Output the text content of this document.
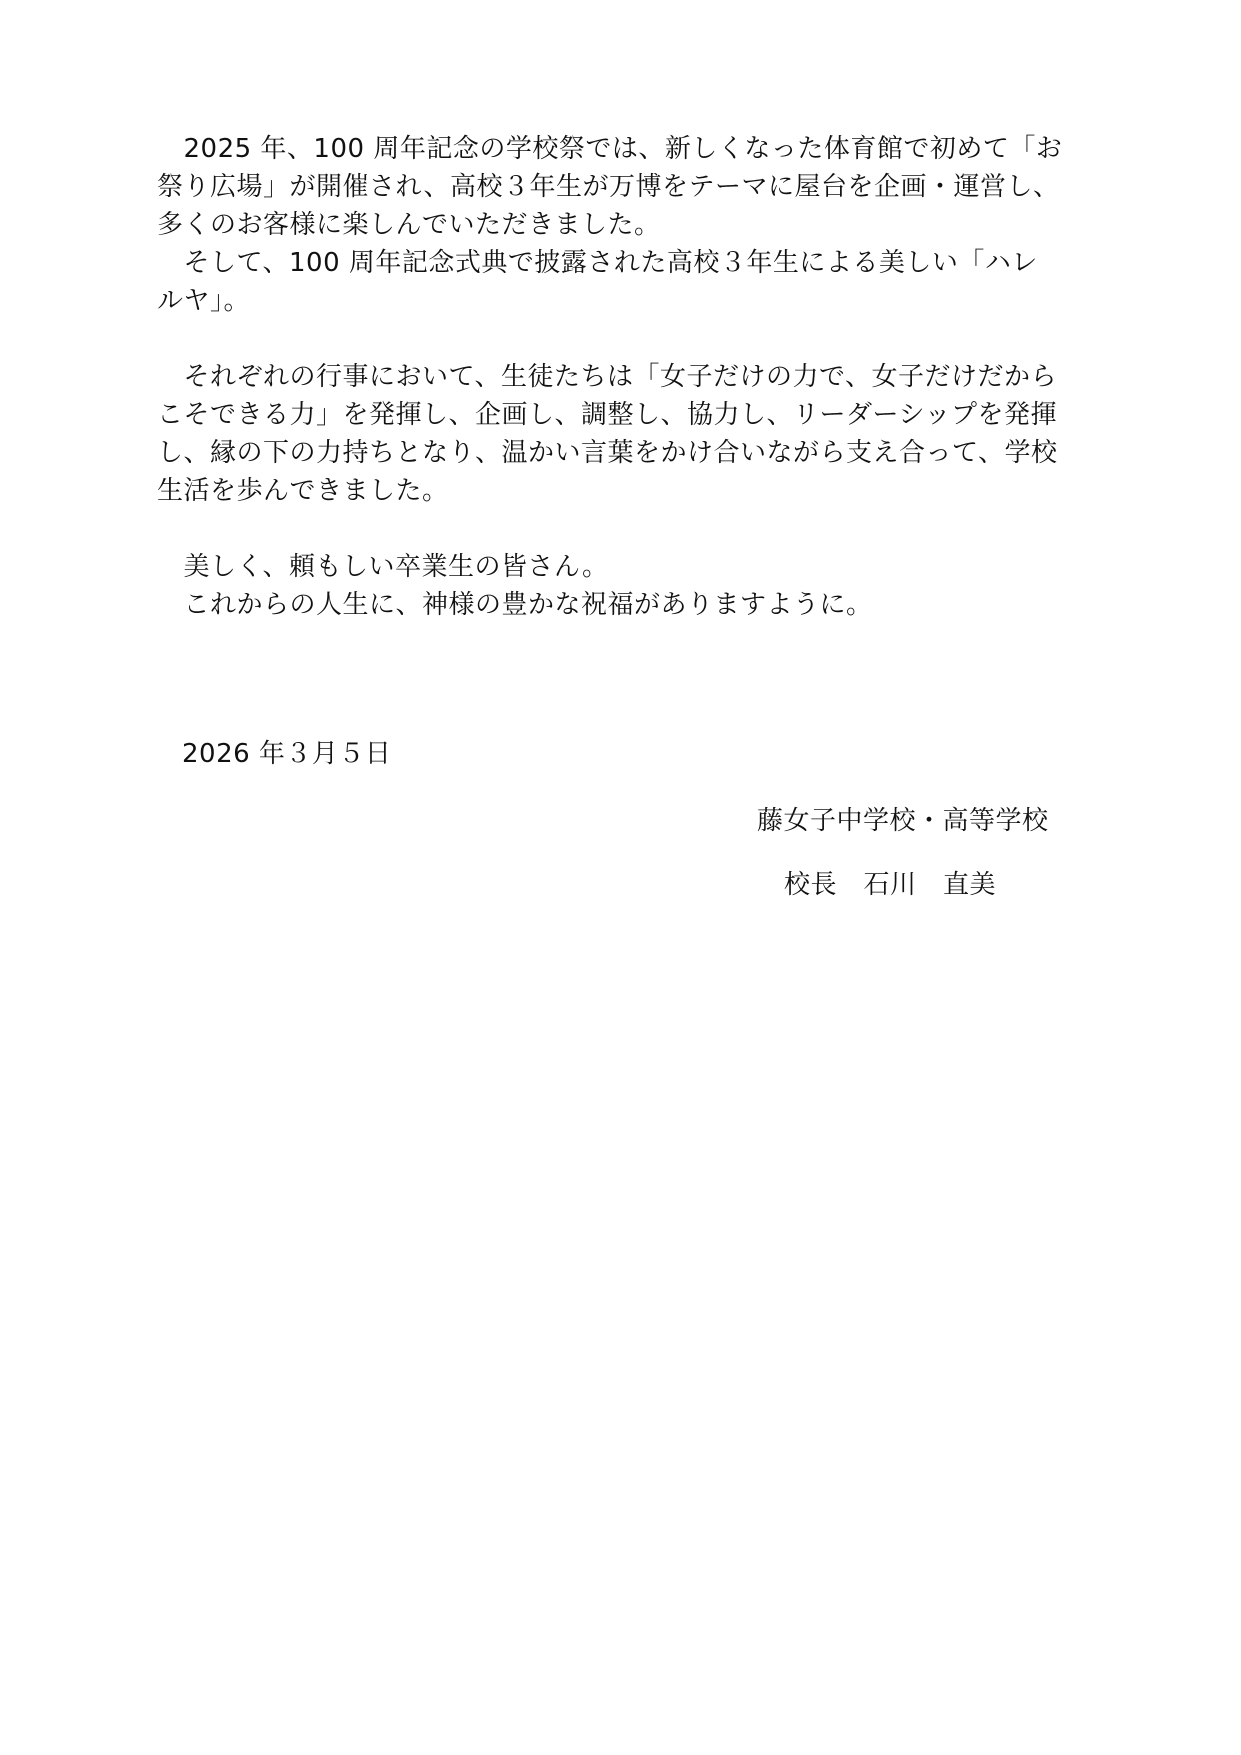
　2025 年、100 周年記念の学校祭では、新しくなった体育館で初めて「お
祭り広場」が開催され、高校３年生が万博をテーマに屋台を企画・運営し、
多くのお客様に楽しんでいただきました。
　そして、100 周年記念式典で披露された高校３年生による美しい「ハレ
ルヤ」。
　それぞれの行事において、生徒たちは「女子だけの力で、女子だけだから
こそできる力」を発揮し、企画し、調整し、協力し、リーダーシップを発揮
し、縁の下の力持ちとなり、温かい言葉をかけ合いながら支え合って、学校
生活を歩んできました。
　美しく、頼もしい卒業生の皆さん。
　これからの人生に、神様の豊かな祝福がありますように。
2026 年３月５日
藤女子中学校・高等学校
校長　石川　直美
